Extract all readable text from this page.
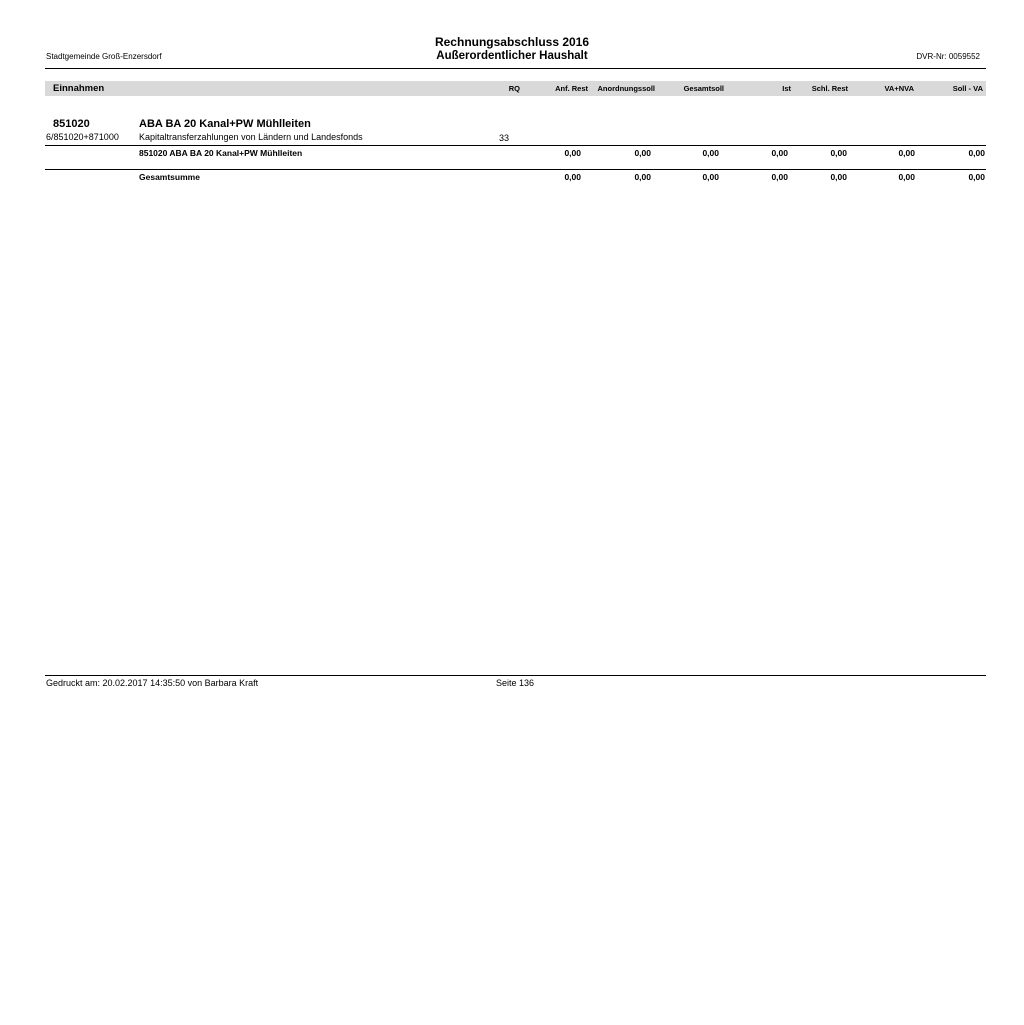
Stadtgemeinde Groß-Enzersdorf
Rechnungsabschluss 2016
Außerordentlicher Haushalt	DVR-Nr: 0059552
Einnahmen	RQ	Anf. Rest	Anordnungssoll	Gesamtsoll	Ist	Schl. Rest	VA+NVA	Soll - VA
851020	ABA BA 20 Kanal+PW Mühlleiten
6/851020+871000 Kapitaltransferzahlungen von Ländern und Landesfonds	33
851020 ABA BA 20 Kanal+PW Mühlleiten	0,00	0,00	0,00	0,00	0,00	0,00	0,00
Gesamtsumme	0,00	0,00	0,00	0,00	0,00	0,00	0,00
Gedruckt am: 20.02.2017 14:35:50 von Barbara Kraft	Seite 136
